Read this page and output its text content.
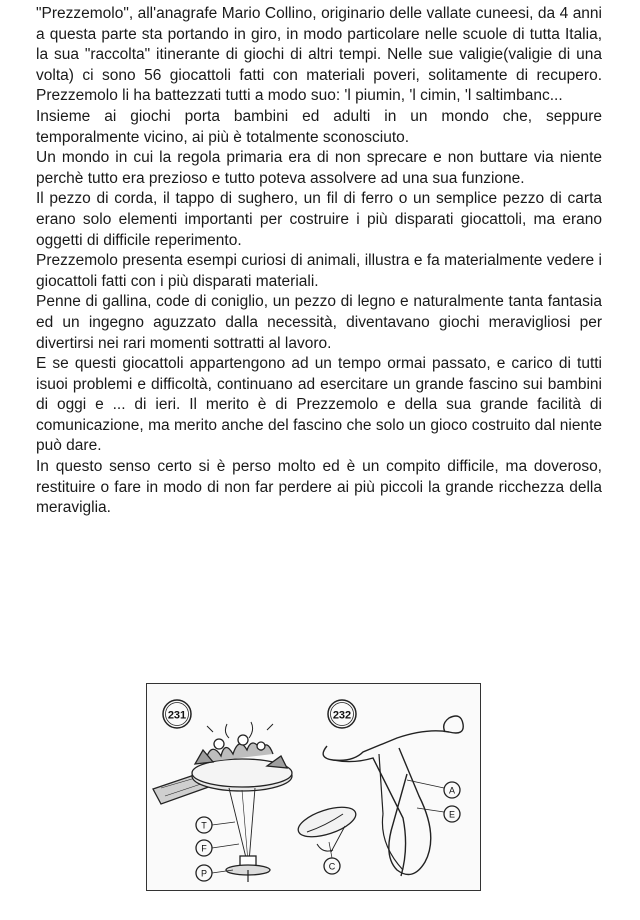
"Prezzemolo", all'anagrafe Mario Collino, originario delle vallate cuneesi, da 4 anni a questa parte sta portando in giro, in modo particolare nelle scuole di tutta Italia, la sua "raccolta" itinerante di giochi di altri tempi. Nelle sue valigie(valigie di una volta) ci sono 56 giocattoli fatti con materiali poveri, solitamente di recupero. Prezzemolo li ha battezzati tutti a modo suo: 'l piumin, 'l cimin, 'l saltimbanc...

Insieme ai giochi porta bambini ed adulti in un mondo che, seppure temporalmente vicino, ai più è totalmente sconosciuto.

Un mondo in cui la regola primaria era di non sprecare e non buttare via niente perchè tutto era prezioso e tutto poteva assolvere ad una sua funzione.

Il pezzo di corda, il tappo di sughero, un fil di ferro o un semplice pezzo di carta erano solo elementi importanti per costruire i più disparati giocattoli, ma erano oggetti di difficile reperimento.

Prezzemolo presenta esempi curiosi di animali, illustra e fa materialmente vedere i giocattoli fatti con i più disparati materiali.

Penne di gallina, code di coniglio, un pezzo di legno e naturalmente tanta fantasia ed un ingegno aguzzato dalla necessità, diventavano giochi meravigliosi per divertirsi nei rari momenti sottratti al lavoro.

E se questi giocattoli appartengono ad un tempo ormai passato, e carico di tutti isuoi problemi e difficoltà, continuano ad esercitare un grande fascino sui bambini di oggi e ... di ieri. Il merito è di Prezzemolo e della sua grande facilità di comunicazione, ma merito anche del fascino che solo un gioco costruito dal niente può dare.

In questo senso certo si è perso molto ed è un compito difficile, ma doveroso, restituire o fare in modo di non far perdere ai più piccoli la grande ricchezza della meraviglia.

231	232
T
F
P
A
E
C
